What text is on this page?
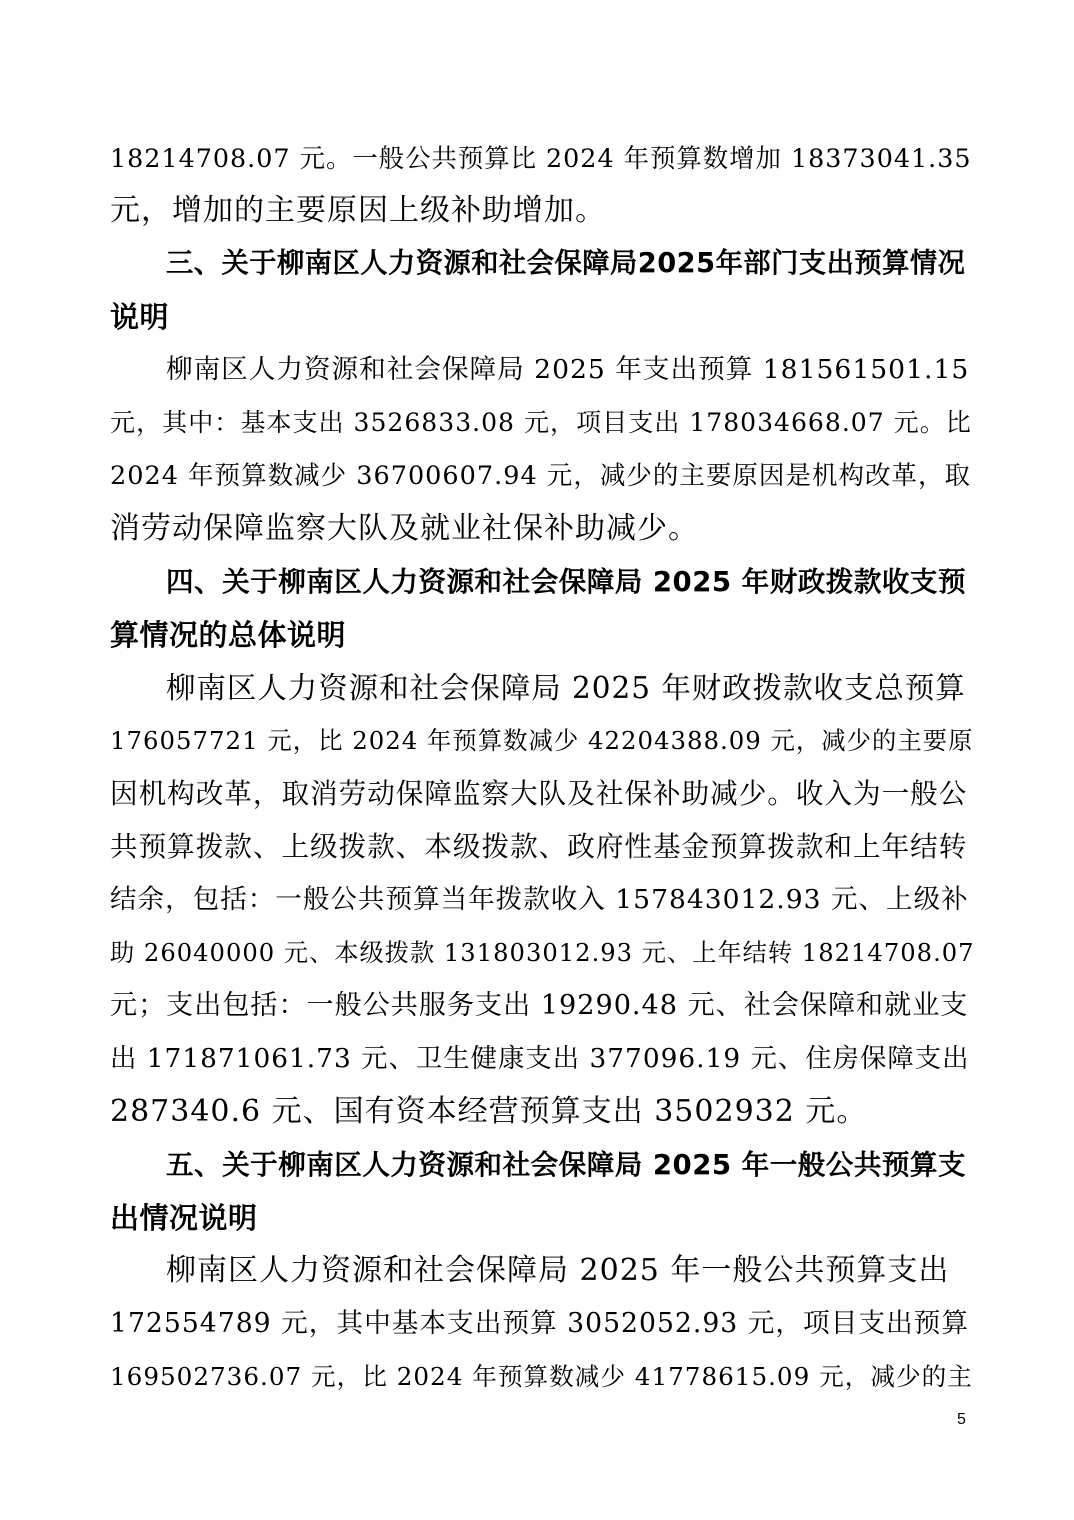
18214708.07 元。一般公共预算比 2024 年预算数增加 18373041.35
元，增加的主要原因上级补助增加。
三、关于柳南区人力资源和社会保障局2025年部门支出预算情况
说明
柳南区人力资源和社会保障局 2025 年支出预算 181561501.15
元，其中：基本支出 3526833.08 元，项目支出 178034668.07 元。比
2024 年预算数减少 36700607.94 元，减少的主要原因是机构改革，取
消劳动保障监察大队及就业社保补助减少。
四、关于柳南区人力资源和社会保障局 2025 年财政拨款收支预
算情况的总体说明
柳南区人力资源和社会保障局 2025 年财政拨款收支总预算
176057721 元，比 2024 年预算数减少 42204388.09 元，减少的主要原
因机构改革，取消劳动保障监察大队及社保补助减少。收入为一般公
共预算拨款、上级拨款、本级拨款、政府性基金预算拨款和上年结转
结余，包括：一般公共预算当年拨款收入 157843012.93 元、上级补
助 26040000 元、本级拨款 131803012.93 元、上年结转 18214708.07
元；支出包括：一般公共服务支出 19290.48 元、社会保障和就业支
出 171871061.73 元、卫生健康支出 377096.19 元、住房保障支出
287340.6 元、国有资本经营预算支出 3502932 元。
五、关于柳南区人力资源和社会保障局 2025 年一般公共预算支
出情况说明
柳南区人力资源和社会保障局 2025 年一般公共预算支出
172554789 元，其中基本支出预算 3052052.93 元，项目支出预算
169502736.07 元，比 2024 年预算数减少 41778615.09 元，减少的主
5
